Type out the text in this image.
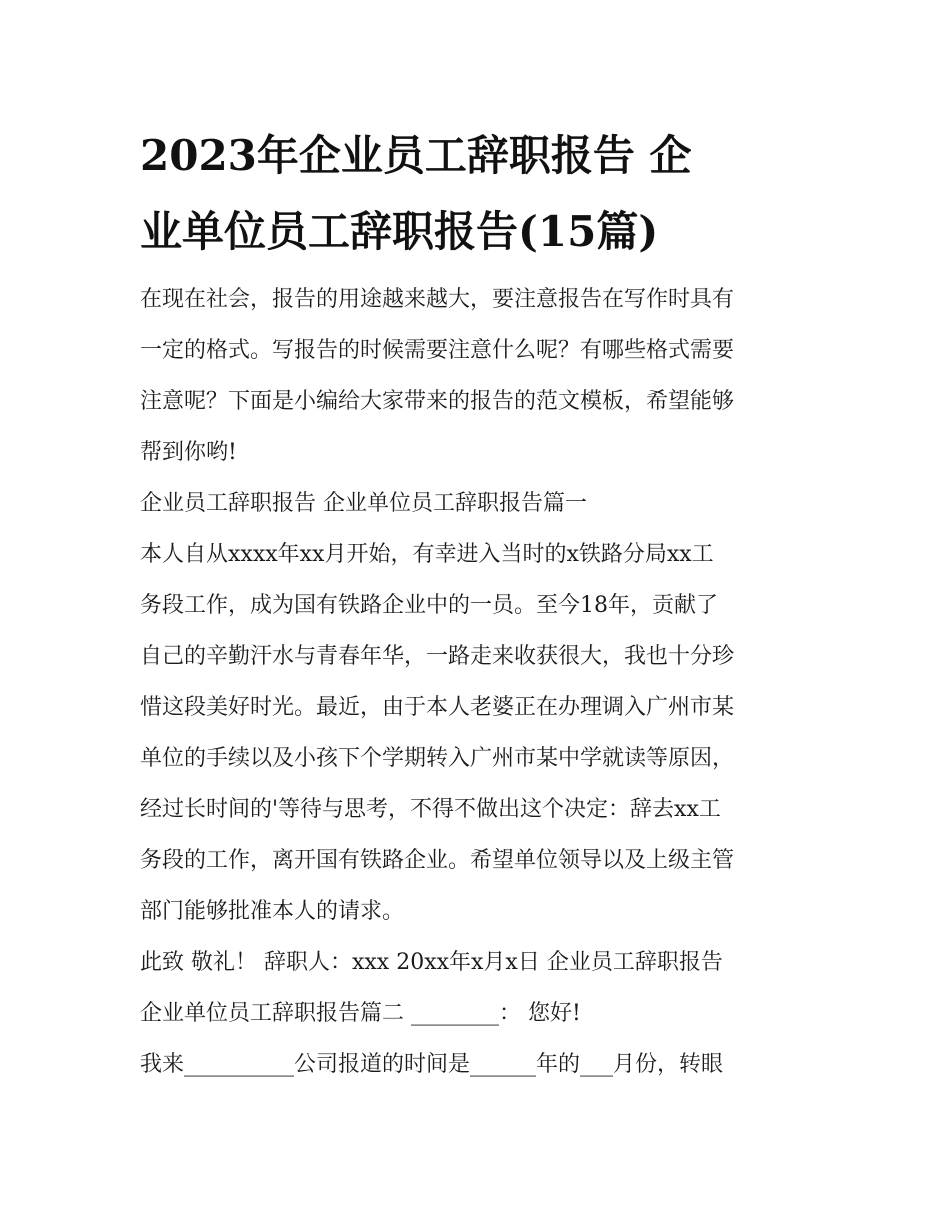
2023年企业员工辞职报告 企
业单位员工辞职报告(15篇)
在现在社会，报告的用途越来越大，要注意报告在写作时具有
一定的格式。写报告的时候需要注意什么呢？有哪些格式需要
注意呢？下面是小编给大家带来的报告的范文模板，希望能够
帮到你哟!
企业员工辞职报告 企业单位员工辞职报告篇一
本人自从xxxx年xx月开始，有幸进入当时的x铁路分局xx工
务段工作，成为国有铁路企业中的一员。至今18年，贡献了
自己的辛勤汗水与青春年华，一路走来收获很大，我也十分珍
惜这段美好时光。最近，由于本人老婆正在办理调入广州市某
单位的手续以及小孩下个学期转入广州市某中学就读等原因，
经过长时间的'等待与思考，不得不做出这个决定：辞去xx工
务段的工作，离开国有铁路企业。希望单位领导以及上级主管
部门能够批准本人的请求。
此致 敬礼！ 辞职人：xxx 20xx年x月x日 企业员工辞职报告
企业单位员工辞职报告篇二 ________： 您好!
我来__________公司报道的时间是______年的___月份，转眼
